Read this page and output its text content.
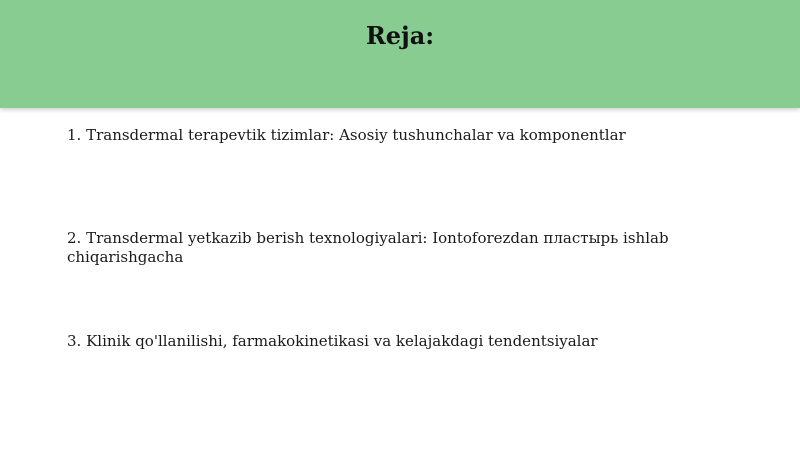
Reja:

1. Transdermal terapevtik tizimlar: Asosiy tushunchalar va komponentlar

2. Transdermal yetkazib berish texnologiyalari: Iontoforezdan пластырь ishlab chiqarishgacha

3. Klinik qo'llanilishi, farmakokinetikasi va kelajakdagi tendentsiyalar
